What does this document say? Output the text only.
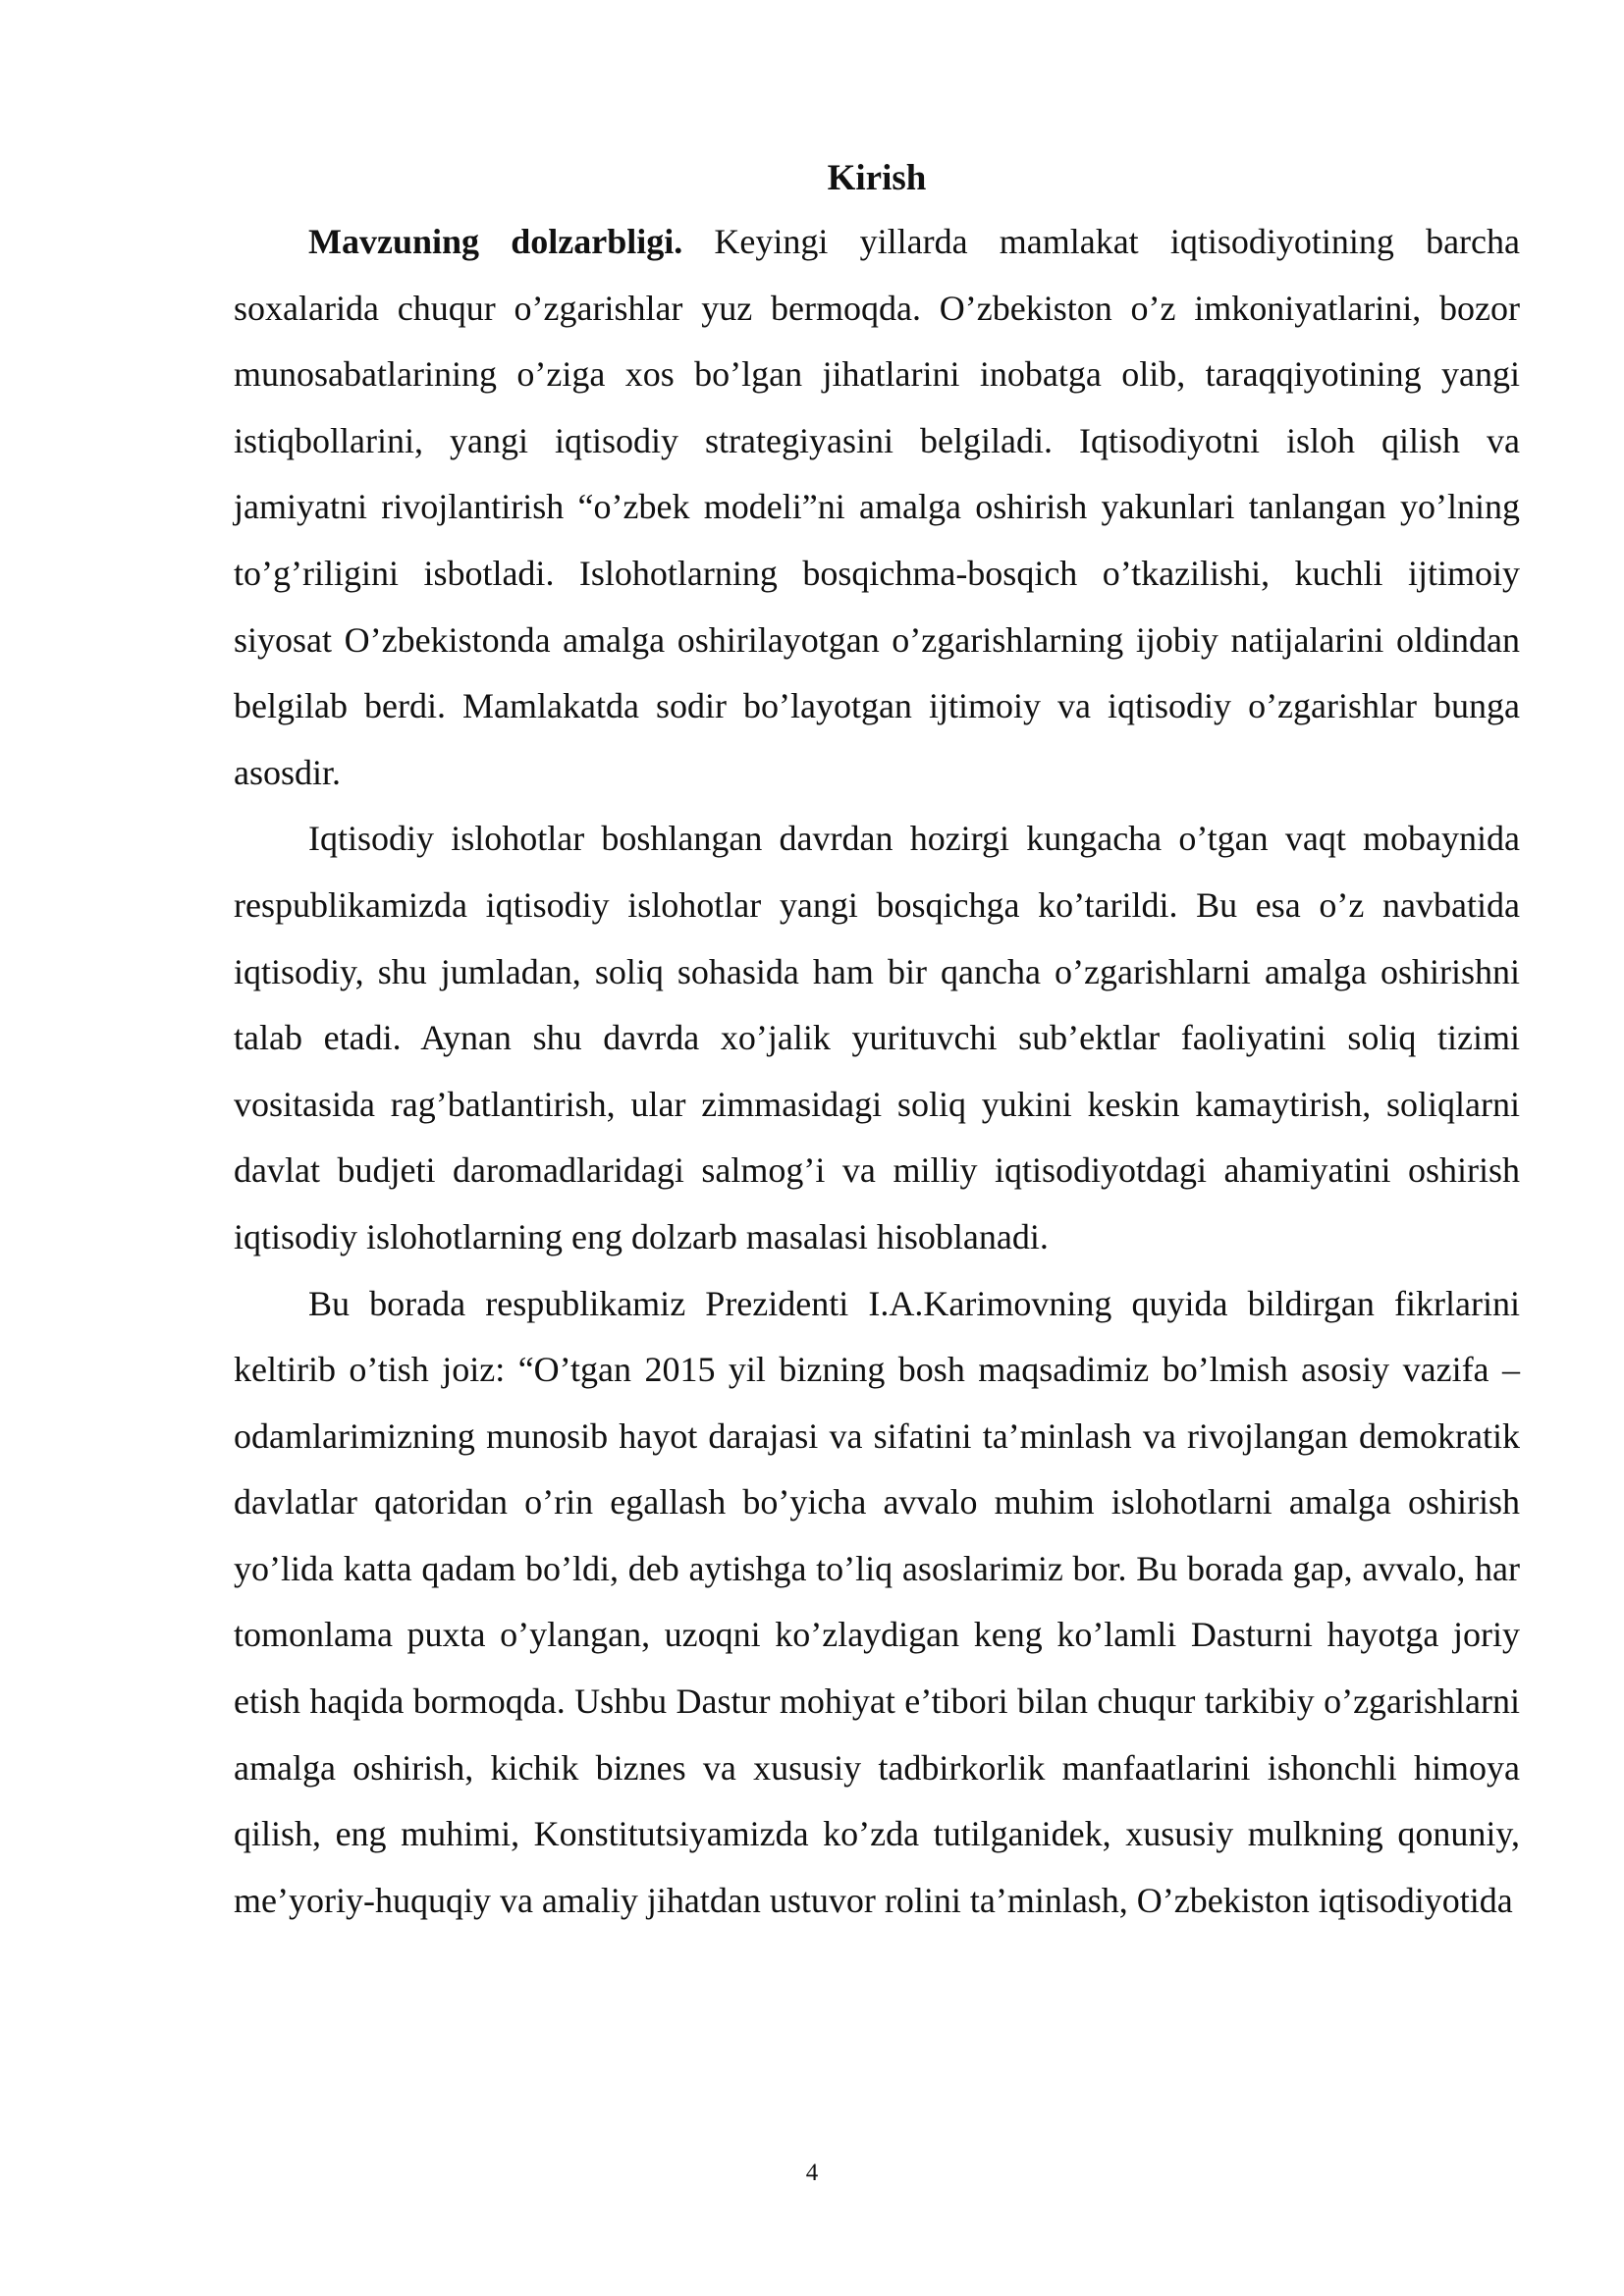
Kirish

Mavzuning dolzarbligi. Keyingi yillarda mamlakat iqtisodiyotining barcha soxalarida chuqur o’zgarishlar yuz bermoqda. O’zbekiston o’z imkoniyatlarini, bozor munosabatlarining o’ziga xos bo’lgan jihatlarini inobatga olib, taraqqiyotining yangi istiqbollarini, yangi iqtisodiy strategiyasini belgiladi. Iqtisodiyotni isloh qilish va jamiyatni rivojlantirish “o’zbek modeli”ni amalga oshirish yakunlari tanlangan yo’lning to’g’riligini isbotladi. Islohotlarning bosqichma-bosqich o’tkazilishi, kuchli ijtimoiy siyosat O’zbekistonda amalga oshirilayotgan o’zgarishlarning ijobiy natijalarini oldindan belgilab berdi. Mamlakatda sodir bo’layotgan ijtimoiy va iqtisodiy o’zgarishlar bunga asosdir.

Iqtisodiy islohotlar boshlangan davrdan hozirgi kungacha o’tgan vaqt mobaynida respublikamizda iqtisodiy islohotlar yangi bosqichga ko’tarildi. Bu esa o’z navbatida iqtisodiy, shu jumladan, soliq sohasida ham bir qancha o’zgarishlarni amalga oshirishni talab etadi. Aynan shu davrda xo’jalik yurituvchi sub’ektlar faoliyatini soliq tizimi vositasida rag’batlantirish, ular zimmasidagi soliq yukini keskin kamaytirish, soliqlarni davlat budjeti daromadlaridagi salmog’i va milliy iqtisodiyotdagi ahamiyatini oshirish iqtisodiy islohotlarning eng dolzarb masalasi hisoblanadi.

Bu borada respublikamiz Prezidenti I.A.Karimovning quyida bildirgan fikrlarini keltirib o’tish joiz: “O’tgan 2015 yil bizning bosh maqsadimiz bo’lmish asosiy vazifa – odamlarimizning munosib hayot darajasi va sifatini ta’minlash va rivojlangan demokratik davlatlar qatoridan o’rin egallash bo’yicha avvalo muhim islohotlarni amalga oshirish yo’lida katta qadam bo’ldi, deb aytishga to’liq asoslarimiz bor. Bu borada gap, avvalo, har tomonlama puxta o’ylangan, uzoqni ko’zlaydigan keng ko’lamli Dasturni hayotga joriy etish haqida bormoqda. Ushbu Dastur mohiyat e’tibori bilan chuqur tarkibiy o’zgarishlarni amalga oshirish, kichik biznes va xususiy tadbirkorlik manfaatlarini ishonchli himoya qilish, eng muhimi, Konstitutsiyamizda ko’zda tutilganidek, xususiy mulkning qonuniy, me’yoriy-huquqiy va amaliy jihatdan ustuvor rolini ta’minlash, O’zbekiston iqtisodiyotida

4
